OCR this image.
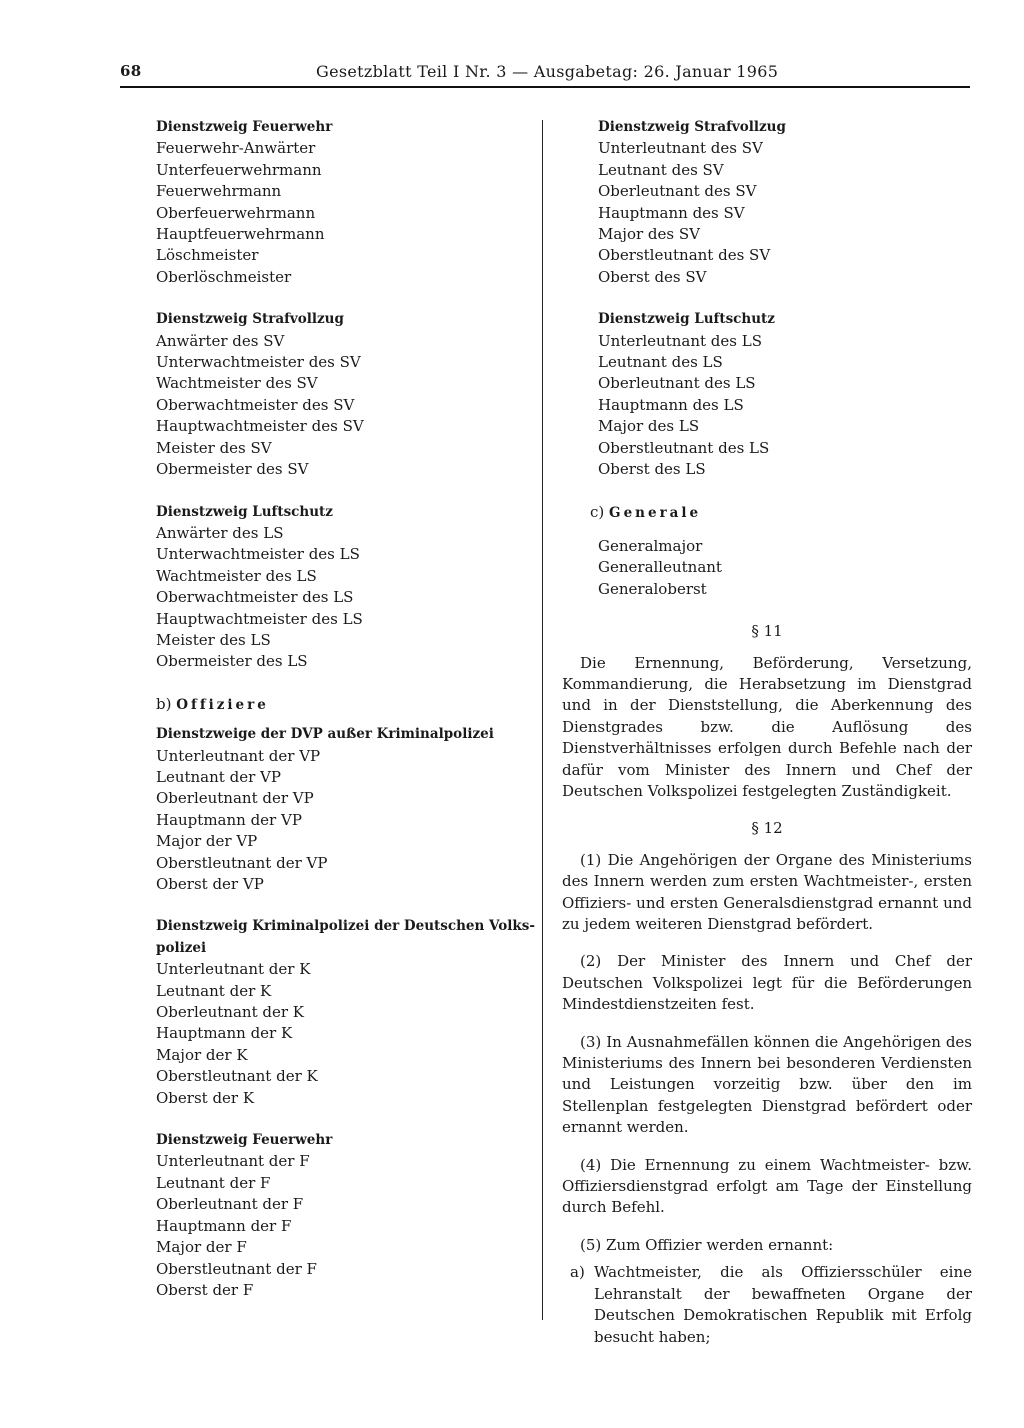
68	Gesetzblatt Teil I Nr. 3 — Ausgabetag: 26. Januar 1965
Dienstzweig Feuerwehr
Feuerwehr-Anwärter
Unterfeuerwehrmann
Feuerwehrmann
Oberfeuerwehrmann
Hauptfeuerwehrmann
Löschmeister
Oberlöschmeister
Dienstzweig Strafvollzug
Anwärter des SV
Unterwachtmeister des SV
Wachtmeister des SV
Oberwachtmeister des SV
Hauptwachtmeister des SV
Meister des SV
Obermeister des SV
Dienstzweig Luftschutz
Anwärter des LS
Unterwachtmeister des LS
Wachtmeister des LS
Oberwachtmeister des LS
Hauptwachtmeister des LS
Meister des LS
Obermeister des LS
b) Offiziere
Dienstzweige der DVP außer Kriminalpolizei
Unterleutnant der VP
Leutnant der VP
Oberleutnant der VP
Hauptmann der VP
Major der VP
Oberstleutnant der VP
Oberst der VP
Dienstzweig Kriminalpolizei der Deutschen Volks-
polizei
Unterleutnant der K
Leutnant der K
Oberleutnant der K
Hauptmann der K
Major der K
Oberstleutnant der K
Oberst der K
Dienstzweig Feuerwehr
Unterleutnant der F
Leutnant der F
Oberleutnant der F
Hauptmann der F
Major der F
Oberstleutnant der F
Oberst der F
Dienstzweig Strafvollzug
Unterleutnant des SV
Leutnant des SV
Oberleutnant des SV
Hauptmann des SV
Major des SV
Oberstleutnant des SV
Oberst des SV
Dienstzweig Luftschutz
Unterleutnant des LS
Leutnant des LS
Oberleutnant des LS
Hauptmann des LS
Major des LS
Oberstleutnant des LS
Oberst des LS
c) Generale
Generalmajor
Generalleutnant
Generaloberst
§ 11
Die Ernennung, Beförderung, Versetzung, Kommandierung, die Herabsetzung im Dienstgrad und in der Dienststellung, die Aberkennung des Dienstgrades bzw. die Auflösung des Dienstverhältnisses erfolgen durch Befehle nach der dafür vom Minister des Innern und Chef der Deutschen Volkspolizei festgelegten Zuständigkeit.
§ 12
(1) Die Angehörigen der Organe des Ministeriums des Innern werden zum ersten Wachtmeister-, ersten Offiziers- und ersten Generalsdienstgrad ernannt und zu jedem weiteren Dienstgrad befördert.
(2) Der Minister des Innern und Chef der Deutschen Volkspolizei legt für die Beförderungen Mindestdienstzeiten fest.
(3) In Ausnahmefällen können die Angehörigen des Ministeriums des Innern bei besonderen Verdiensten und Leistungen vorzeitig bzw. über den im Stellenplan festgelegten Dienstgrad befördert oder ernannt werden.
(4) Die Ernennung zu einem Wachtmeister- bzw. Offiziersdienstgrad erfolgt am Tage der Einstellung durch Befehl.
(5) Zum Offizier werden ernannt:
a) Wachtmeister, die als Offiziersschüler eine Lehranstalt der bewaffneten Organe der Deutschen Demokratischen Republik mit Erfolg besucht haben;
